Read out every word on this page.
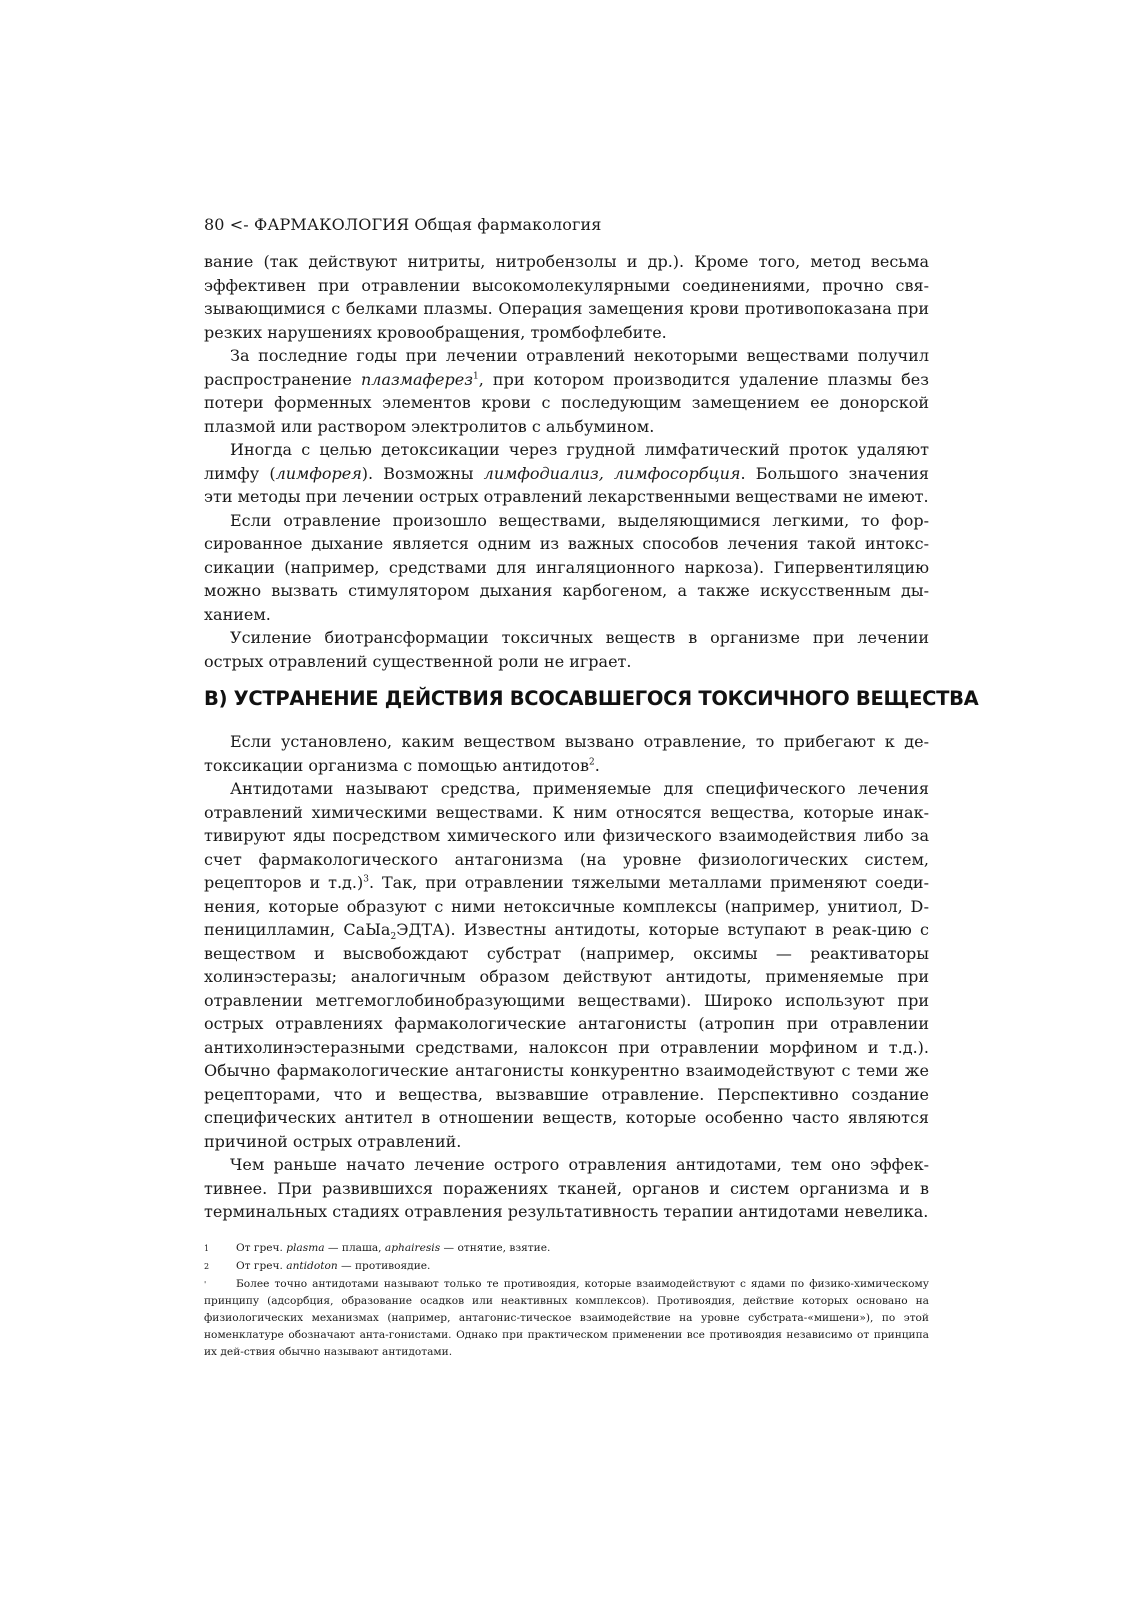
80 <- ФАРМАКОЛОГИЯ Общая фармакология

вание (так действуют нитриты, нитробензолы и др.). Кроме того, метод весьма эффективен при отравлении высокомолекулярными соединениями, прочно свя-зывающимися с белками плазмы. Операция замещения крови противопоказана при резких нарушениях кровообращения, тромбофлебите.

За последние годы при лечении отравлений некоторыми веществами получил распространение плазмаферез$^1$, при котором производится удаление плазмы без потери форменных элементов крови с последующим замещением ее донорской плазмой или раствором электролитов с альбумином.

Иногда с целью детоксикации через грудной лимфатический проток удаляют лимфу (лимфорея). Возможны лимфодиализ, лимфосорбция. Большого значения эти методы при лечении острых отравлений лекарственными веществами не имеют.

Если отравление произошло веществами, выделяющимися легкими, то фор-сированное дыхание является одним из важных способов лечения такой интокс-сикации (например, средствами для ингаляционного наркоза). Гипервентиляцию можно вызвать стимулятором дыхания карбогеном, а также искусственным ды-ханием.

Усиление биотрансформации токсичных веществ в организме при лечении острых отравлений существенной роли не играет.

В) УСТРАНЕНИЕ ДЕЙСТВИЯ ВСОСАВШЕГОСЯ ТОКСИЧНОГО ВЕЩЕСТВА

Если установлено, каким веществом вызвано отравление, то прибегают к де-токсикации организма с помощью антидотов$^2$.

Антидотами называют средства, применяемые для специфического лечения отравлений химическими веществами. К ним относятся вещества, которые инак-тивируют яды посредством химического или физического взаимодействия либо за счет фармакологического антагонизма (на уровне физиологических систем, рецепторов и т.д.)$^3$. Так, при отравлении тяжелыми металлами применяют соеди-нения, которые образуют с ними нетоксичные комплексы (например, унитиол, D-пеницилламин, СаЫа$_2$ЭДТА). Известны антидоты, которые вступают в реак-цию с веществом и высвобождают субстрат (например, оксимы — реактиваторы холинэстеразы; аналогичным образом действуют антидоты, применяемые при отравлении метгемоглобинобразующими веществами). Широко используют при острых отравлениях фармакологические антагонисты (атропин при отравлении антихолинэстеразными средствами, налоксон при отравлении морфином и т.д.). Обычно фармакологические антагонисты конкурентно взаимодействуют с теми же рецепторами, что и вещества, вызвавшие отравление. Перспективно создание специфических антител в отношении веществ, которые особенно часто являются причиной острых отравлений.

Чем раньше начато лечение острого отравления антидотами, тем оно эффек-тивнее. При развившихся поражениях тканей, органов и систем организма и в терминальных стадиях отравления результативность терапии антидотами невелика.

1	От греч. plasma — плаша, aphairesis — отнятие, взятие.

2	От греч. antidoton — противоядие.

'	Более точно антидотами называют только те противоядия, которые взаимодействуют с ядами по физико-химическому принципу (адсорбция, образование осадков или неактивных комплексов). Противоядия, действие которых основано на физиологических механизмах (например, антагонис-тическое взаимодействие на уровне субстрата-«мишени»), по этой номенклатуре обозначают анта-гонистами. Однако при практическом применении все противоядия независимо от принципа их дей-ствия обычно называют антидотами.
